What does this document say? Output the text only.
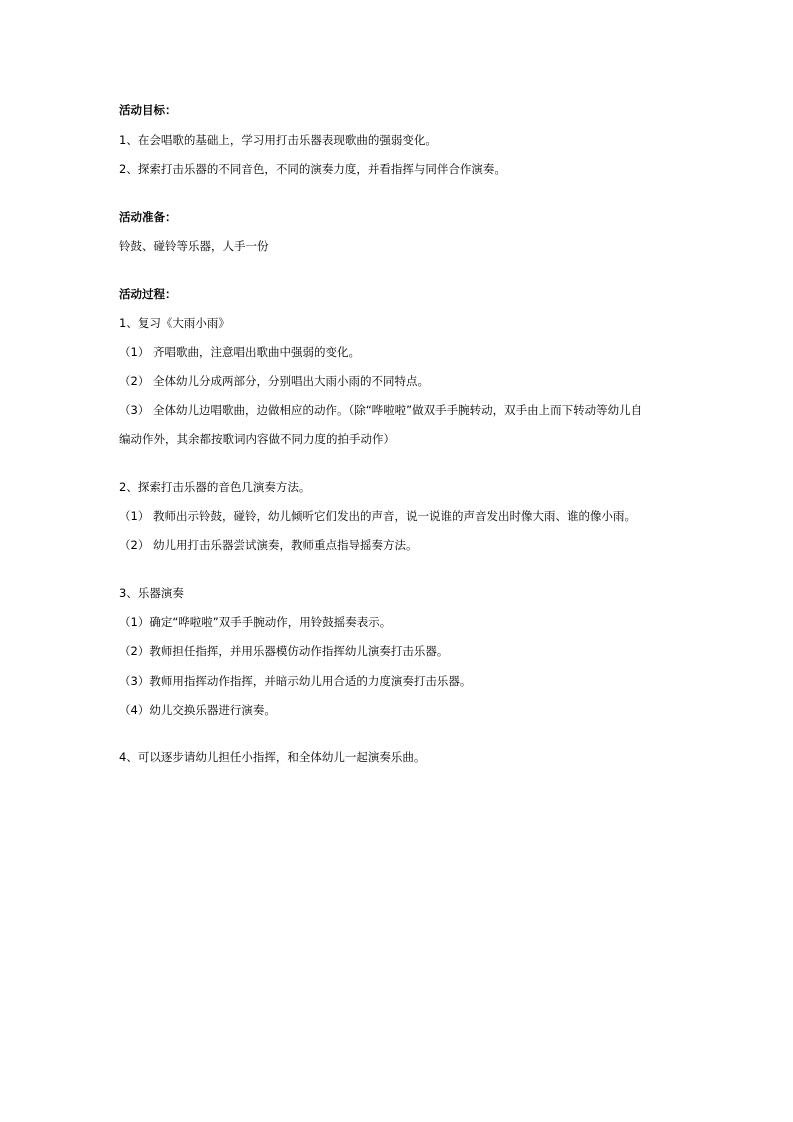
活动目标：
1、在会唱歌的基础上，学习用打击乐器表现歌曲的强弱变化。
2、探索打击乐器的不同音色，不同的演奏力度，并看指挥与同伴合作演奏。
活动准备：
铃鼓、碰铃等乐器，人手一份
活动过程：
1、复习《大雨小雨》
（1） 齐唱歌曲，注意唱出歌曲中强弱的变化。
（2） 全体幼儿分成两部分，分别唱出大雨小雨的不同特点。
（3） 全体幼儿边唱歌曲，边做相应的动作。（除“哗啦啦”做双手手腕转动，双手由上而下转动等幼儿自
编动作外，其余都按歌词内容做不同力度的拍手动作）
2、探索打击乐器的音色几演奏方法。
（1） 教师出示铃鼓，碰铃，幼儿倾听它们发出的声音，说一说谁的声音发出时像大雨、谁的像小雨。
（2） 幼儿用打击乐器尝试演奏，教师重点指导摇奏方法。
3、乐器演奏
（1）确定“哗啦啦”双手手腕动作，用铃鼓摇奏表示。
（2）教师担任指挥，并用乐器模仿动作指挥幼儿演奏打击乐器。
（3）教师用指挥动作指挥，并暗示幼儿用合适的力度演奏打击乐器。
（4）幼儿交换乐器进行演奏。
4、可以逐步请幼儿担任小指挥，和全体幼儿一起演奏乐曲。
